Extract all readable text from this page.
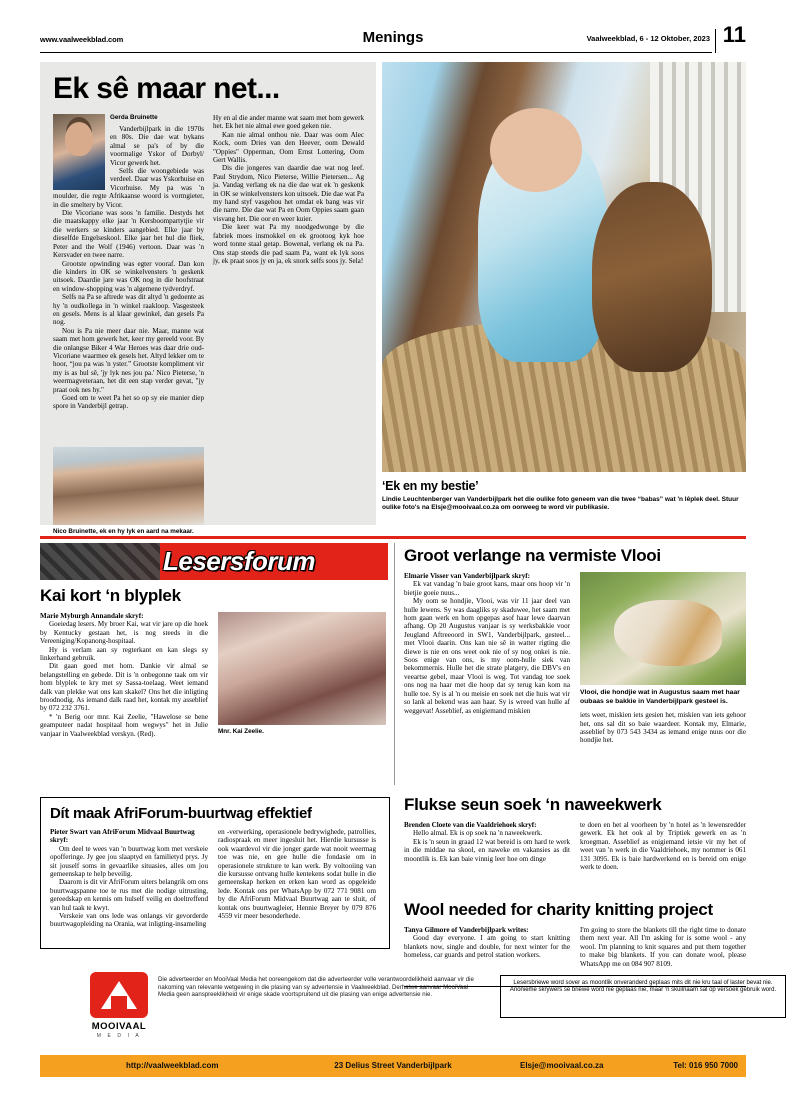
www.vaalweekblad.com	Menings	Vaalweekblad, 6 - 12 Oktober, 2023 11
Ek sê maar net...
Gerda Bruinette

Vanderbijlpark in die 1970s en 80s. Die dae wat bykans almal se pa's of by die voormalige Yskor of Dorbyl/ Vicor gewerk het.

Selfs die woongebiede was verdeel. Daar was Yskorhuise en Vicorhuise. My pa was 'n moulder, die regte Afrikaanse woord is vormgieter, in die smeltery by Vicor.

Die Vicoriane was soos 'n familie. Destyds het die maatskappy elke jaar 'n Kersboompartytjie vir die werkers se kinders aangebied. Elke jaar by dieselfde Engelseskool. Elke jaar het hul die fliek, Peter and the Wolf (1946) vertoon. Daar was 'n Kersvader en twee narre.

Grootste opwinding was egter vooraf. Dan kon die kinders in OK se winkelvensters 'n geskenk uitsoek. Daardie jare was OK nog in die hoofstraat en window-shopping was 'n algemene tydverdryf.

Selfs na Pa se aftrede was dit altyd 'n gedoente as hy 'n oudkollega in 'n winkel raakloop. Vasgesteek en gesels. Mens is al klaar gewinkel, dan gesels Pa nog.

Nou is Pa nie meer daar nie. Maar, manne wat saam met hom gewerk het, keer my gereeld voor. By die onlangse Biker 4 War Heroes was daar drie oud-Vicoriane waarmee ek gesels het. Altyd lekker om te hoor, “jou pa was 'n yster.” Grootste kompliment vir my is as hul sê, 'jy lyk nes jou pa.' Nico Pieterse, 'n weermagveteraan, het dit een stap verder gevat, "jy praat ook nes hy."

Goed om te weet Pa het so op sy eie manier diep spore in Vanderbijl getrap.

Hy en al die ander manne wat saam met hom gewerk het. Ek het nie almal ewe goed geken nie.

Kan nie almal onthou nie. Daar was oom Alec Kock, oom Dries van den Heever, oom Dewald "Oppies" Opperman, Oom Ernst Lottering, Oom Gert Wallis.

Dis die jongeres van daardie dae wat nog leef. Paul Strydom, Nico Pieterse, Willie Pietersen... Ag ja. Vandag verlang ek na die dae wat ek 'n geskenk in OK se winkelvensters kon uitsoek. Die dae wat Pa my hand styf vasgehou het omdat ek bang was vir die narre. Die dae wat Pa en Oom Oppies saam gaan visvang het. Die oor en weer kuier.

Die keer wat Pa my noodgedwonge by die fabriek moes insmokkel en ek grootoog kyk hoe word tonne staal getap. Bowenal, verlang ek na Pa. Ons stap steeds die pad saam Pa, want ek lyk soos jy, ek praat soos jy en ja, ek snork selfs soos jy. Sela!

Nico Bruinette, ek en hy lyk en aard na mekaar.
‘Ek en my bestie’
Lindie Leuchtenberger van Vanderbijlpark het die oulike foto geneem van die twee “babas” wat 'n lêplek deel. Stuur oulike foto's na Elsje@mooivaal.co.za om oorweeg te word vir publikasie.
Lesersforum
Kai kort ‘n blyplek
Marie Myburgh Annandale skryf:

Goeiedag lesers. My broer Kai, wat vir jare op die hoek by Kentucky gestaan het, is nog steeds in die Vereeniging/Kopanong-hospitaal.

Hy is verlam aan sy regterkant en kan slegs sy linkerhand gebruik.

Dit gaan goed met hom. Dankie vir almal se belangstelling en gebede. Dit is 'n onbegonne taak om vir hom blyplek te kry met sy Sassa-toelaag. Weet iemand dalk van plekke wat ons kan skakel? Ons het die inligting broodnodig. As iemand dalk raad het, kontak my asseblief by 072 232 3761.

* 'n Berig oor mnr. Kai Zeelie, "Hawelose se bene geamputeer nadat hospitaal hom wegwys" het in Julie vanjaar in Vaalweekblad verskyn. (Red).	Mnr. Kai Zeelie.
Groot verlange na vermiste Vlooi
Elmarie Visser van Vanderbijlpark skryf:

Ek vat vandag 'n baie groot kans, maar ons hoop vir 'n bietjie goeie nuus...

My oom se hondjie, Vlooi, was vir 11 jaar deel van hulle lewens. Sy was daagliks sy skaduwee, het saam met hom gaan werk en hom opgepas asof haar lewe daarvan afhang. Op 20 Augustus vanjaar is sy werksbakkie voor Jeugland Aftreeoord in SW1, Vanderbijlpark, gesteel... met Vlooi daarin. Ons kan nie sê in watter rigting die diewe is nie en ons weet ook nie of sy nog onkei is nie. Soos enige van ons, is my oom-hulle siek van bekommernis. Hulle het die strate platgery, die DBV's en veeartse gebel, maar Vlooi is weg. Tot vandag toe soek ons nog na haar met die hoop dat sy terug kan kom na hulle toe. Sy is al 'n ou meisie en soek net die huis wat vir so lank al bekend was aan haar. Sy is wreed van hulle af weggevat! Asseblief, as enigiemand miskien

Vlooi, die hondjie wat in Augustus saam met haar oubaas se bakkie in Vanderbijlpark gesteel is.

iets weet, miskien iets gesien het, miskien van iets gehoor het, ons sal dit so baie waardeer. Kontak my, Elmarie, asseblief by 073 543 3434 as iemand enige nuus oor die hondjie het.

Dít maak AfriForum-buurtwag effektief
Pieter Swart van AfriForum Midvaal Buurtwag skryf:

Om deel te wees van 'n buurtwag kom met verskeie opofferinge. Jy gee jou slaaptyd en familietyd prys. Jy sit jouself soms in gevaarlike situasies, alles om jou gemeenskap te help beveilig.

Daarom is dit vir AfriForum uiters belangrik om ons buurtwagspanne toe te rus met die nodige uitrusting, gereedskap en kennis om hulself veilig en doeltreffend van hul taak te kwyt.

Verskeie van ons lede was onlangs vir gevorderde buurtwagopleiding na Orania, wat inligting-insameling

en -verwerking, operasionele bedrywighede, patrollies, radiospraak en meer ingesluit het. Hierdie kursusse is ook waardevol vir die jonger garde wat nooit weermag toe was nie, en gee hulle die fondasie om in operasionele strukture te kan werk. By voltooiing van die kursusse ontvang hulle kentekens sodat hulle in die gemeenskap herken en erken kan word as opgeleide lede. Kontak ons per WhatsApp by 072 771 9081 om by die AfriForum Midvaal Buurtwag aan te sluit, of kontak ons buurtwagleier, Hennie Breyer by 079 876 4559 vir meer besonderhede.

Flukse seun soek ‘n naweekwerk
Brenden Cloete van die Vaaldriehoek skryf:

Hello almal. Ek is op soek na 'n naweekwerk.

Ek is 'n seun in graad 12 wat bereid is om hard te werk in die middae na skool, en naweke en vakansies as dit moontlik is. Ek kan baie vinnig leer hoe om dinge

te doen en het al voorheen by 'n hotel as 'n lewensredder gewerk. Ek het ook al by Triptiek gewerk en as 'n kroegman. Asseblief as enigiemand ietsie vir my het of weet van 'n werk in die Vaaldriehoek, my nommer is 061 131 3095. Ek is baie hardwerkend en is bereid om enige werk te doen.

Wool needed for charity knitting project
Tanya Gilmore of Vanderbijlpark writes:

Good day everyone. I am going to start knitting blankets now, single and double, for next winter for the homeless, car guards and petrol station workers.

I'm going to store the blankets till the right time to donate them next year. All I'm asking for is some wool - any wool. I'm planning to knit squares and put them together to make big blankets. If you can donate wool, please WhatsApp me on 084 907 8109.

MOOIVAAL
M E D I A
Die adverteerder en MooiVaal Media het ooreengekom dat die adverteerder volle verantwoordelikheid aanvaar vir die nakoming van relevante wetgewing in die plasing van sy advertensie in Vaalweekblad. Derhalwe aanvaar MooiVaal Media geen aanspreeklikheid vir enige skade voortspruitend uit die plasing van enige advertensie nie.
Lesersbriewe word sover as moontlik onveranderd geplaas mits dit nie kru taal of laster bevat nie. Anonieme skrywers se briewe word nie geplaas nie, maar 'n skuilnaam sal op versoek gebruik word.
http://vaalweekblad.com	23 Delius Street Vanderbijlpark	Elsje@mooivaal.co.za	Tel: 016 950 7000
